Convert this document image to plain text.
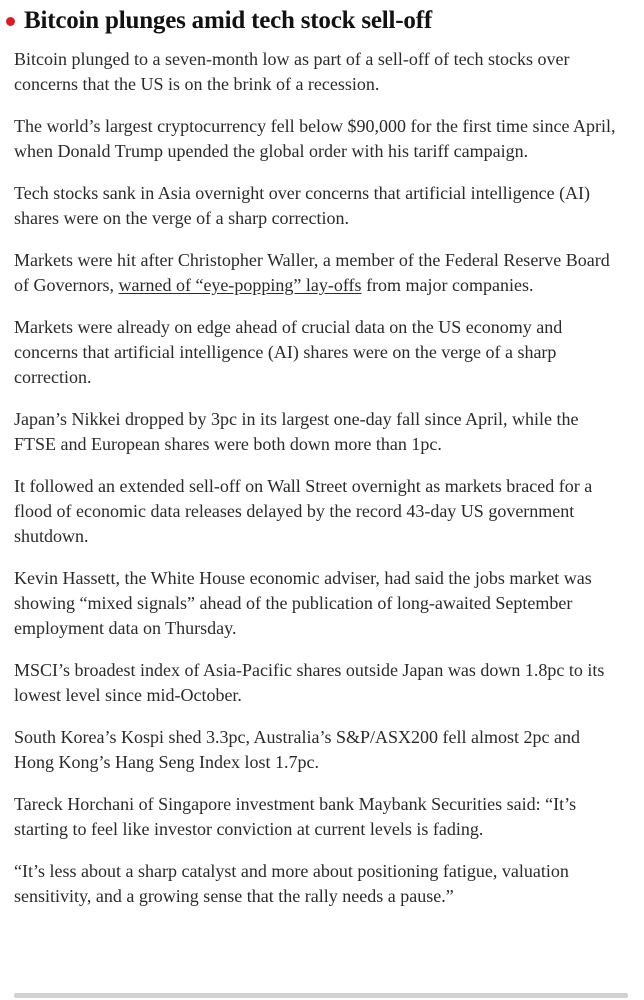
Bitcoin plunges amid tech stock sell-off

Bitcoin plunged to a seven-month low as part of a sell-off of tech stocks over concerns that the US is on the brink of a recession.

The world’s largest cryptocurrency fell below $90,000 for the first time since April, when Donald Trump upended the global order with his tariff campaign.

Tech stocks sank in Asia overnight over concerns that artificial intelligence (AI) shares were on the verge of a sharp correction.

Markets were hit after Christopher Waller, a member of the Federal Reserve Board of Governors, warned of “eye-popping” lay-offs from major companies.

Markets were already on edge ahead of crucial data on the US economy and concerns that artificial intelligence (AI) shares were on the verge of a sharp correction.

Japan’s Nikkei dropped by 3pc in its largest one-day fall since April, while the FTSE and European shares were both down more than 1pc.

It followed an extended sell-off on Wall Street overnight as markets braced for a flood of economic data releases delayed by the record 43-day US government shutdown.

Kevin Hassett, the White House economic adviser, had said the jobs market was showing “mixed signals” ahead of the publication of long-awaited September employment data on Thursday.

MSCI’s broadest index of Asia-Pacific shares outside Japan was down 1.8pc to its lowest level since mid-October.

South Korea’s Kospi shed 3.3pc, Australia’s S&P/ASX200 fell almost 2pc and Hong Kong’s Hang Seng Index lost 1.7pc.

Tareck Horchani of Singapore investment bank Maybank Securities said: “It’s starting to feel like investor conviction at current levels is fading.

“It’s less about a sharp catalyst and more about positioning fatigue, valuation sensitivity, and a growing sense that the rally needs a pause.”
